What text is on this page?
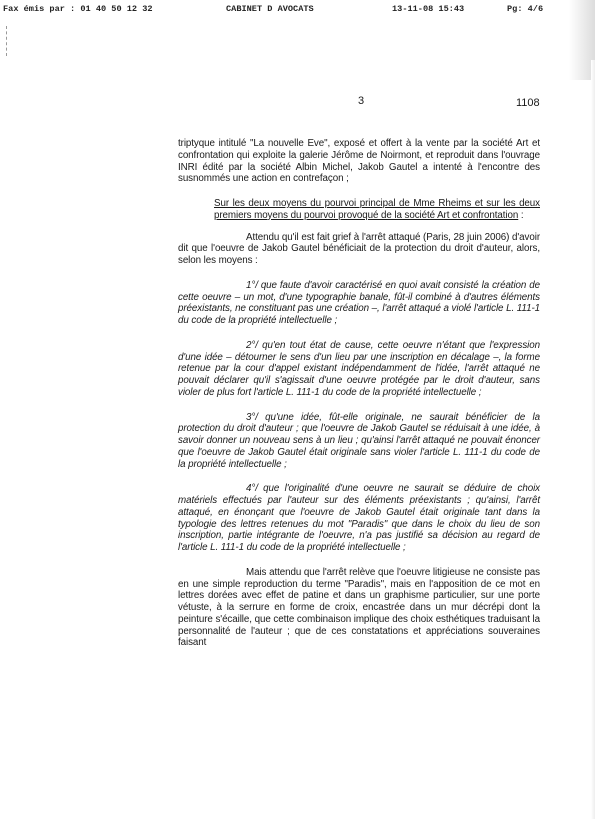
Fax émis par : 01 40 50 12 32	CABINET D AVOCATS	13-11-08 15:43	Pg: 4/6
3	1108

triptyque intitulé "La nouvelle Eve", exposé et offert à la vente par la société Art et confrontation qui exploite la galerie Jérôme de Noirmont, et reproduit dans l'ouvrage INRI édité par la société Albin Michel, Jakob Gautel a intenté à l'encontre des susnommés une action en contrefaçon ;

Sur les deux moyens du pourvoi principal de Mme Rheims et sur les deux premiers moyens du pourvoi provoqué de la société Art et confrontation :

Attendu qu'il est fait grief à l'arrêt attaqué (Paris, 28 juin 2006) d'avoir dit que l'oeuvre de Jakob Gautel bénéficiait de la protection du droit d'auteur, alors, selon les moyens :

1°/ que faute d'avoir caractérisé en quoi avait consisté la création de cette oeuvre – un mot, d'une typographie banale, fût-il combiné à d'autres éléments préexistants, ne constituant pas une création –, l'arrêt attaqué a violé l'article L. 111-1 du code de la propriété intellectuelle ;

2°/ qu'en tout état de cause, cette oeuvre n'étant que l'expression d'une idée – détourner le sens d'un lieu par une inscription en décalage –, la forme retenue par la cour d'appel existant indépendamment de l'idée, l'arrêt attaqué ne pouvait déclarer qu'il s'agissait d'une oeuvre protégée par le droit d'auteur, sans violer de plus fort l'article L. 111-1 du code de la propriété intellectuelle ;

3°/ qu'une idée, fût-elle originale, ne saurait bénéficier de la protection du droit d'auteur ; que l'oeuvre de Jakob Gautel se réduisait à une idée, à savoir donner un nouveau sens à un lieu ; qu'ainsi l'arrêt attaqué ne pouvait énoncer que l'oeuvre de Jakob Gautel était originale sans violer l'article L. 111-1 du code de la propriété intellectuelle ;

4°/ que l'originalité d'une oeuvre ne saurait se déduire de choix matériels effectués par l'auteur sur des éléments préexistants ; qu'ainsi, l'arrêt attaqué, en énonçant que l'oeuvre de Jakob Gautel était originale tant dans la typologie des lettres retenues du mot "Paradis" que dans le choix du lieu de son inscription, partie intégrante de l'oeuvre, n'a pas justifié sa décision au regard de l'article L. 111-1 du code de la propriété intellectuelle ;

Mais attendu que l'arrêt relève que l'oeuvre litigieuse ne consiste pas en une simple reproduction du terme "Paradis", mais en l'apposition de ce mot en lettres dorées avec effet de patine et dans un graphisme particulier, sur une porte vétuste, à la serrure en forme de croix, encastrée dans un mur décrépi dont la peinture s'écaille, que cette combinaison implique des choix esthétiques traduisant la personnalité de l'auteur ; que de ces constatations et appréciations souveraines faisant
